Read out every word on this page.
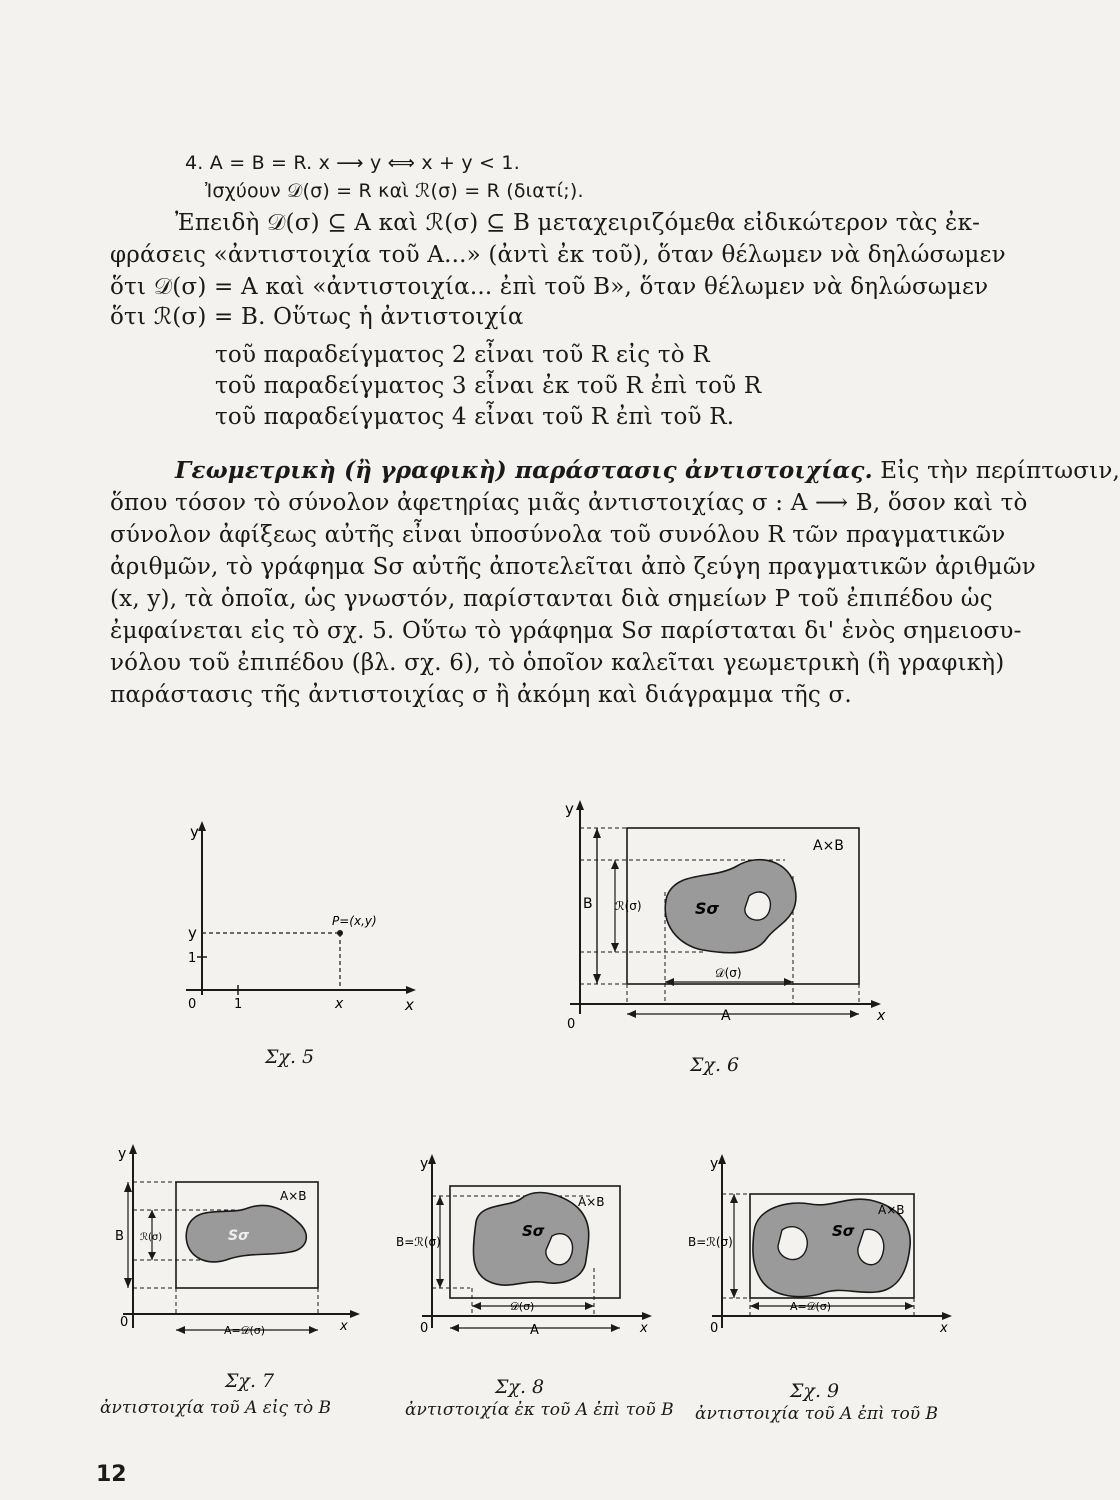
4. A = B = R. x ⟶ y ⟺ x + y < 1.
Ἰσχύουν 𝒟(σ) = R καὶ ℛ(σ) = R (διατί;).
Ἐπειδὴ 𝒟(σ) ⊆ A καὶ ℛ(σ) ⊆ B μεταχειριζόμεθα εἰδικώτερον τὰς ἐκ-
φράσεις «ἀντιστοιχία τοῦ A...» (ἀντὶ ἐκ τοῦ), ὅταν θέλωμεν νὰ δηλώσωμεν
ὅτι 𝒟(σ) = A καὶ «ἀντιστοιχία... ἐπὶ τοῦ B», ὅταν θέλωμεν νὰ δηλώσωμεν
ὅτι ℛ(σ) = B. Οὕτως ἡ ἀντιστοιχία
τοῦ παραδείγματος 2 εἶναι τοῦ R εἰς τὸ R
τοῦ παραδείγματος 3 εἶναι ἐκ τοῦ R ἐπὶ τοῦ R
τοῦ παραδείγματος 4 εἶναι τοῦ R ἐπὶ τοῦ R.
Γεωμετρικὴ (ἢ γραφικὴ) παράστασις ἀντιστοιχίας. Εἰς τὴν περίπτωσιν,
ὅπου τόσον τὸ σύνολον ἀφετηρίας μιᾶς ἀντιστοιχίας σ : A ⟶ B, ὅσον καὶ τὸ
σύνολον ἀφίξεως αὐτῆς εἶναι ὑποσύνολα τοῦ συνόλου R τῶν πραγματικῶν
ἀριθμῶν, τὸ γράφημα Sσ αὐτῆς ἀποτελεῖται ἀπὸ ζεύγη πραγματικῶν ἀριθμῶν
(x, y), τὰ ὁποῖα, ὡς γνωστόν, παρίστανται διὰ σημείων P τοῦ ἐπιπέδου ὡς
ἐμφαίνεται εἰς τὸ σχ. 5. Οὕτω τὸ γράφημα Sσ παρίσταται δι' ἑνὸς σημειοσυ-
νόλου τοῦ ἐπιπέδου (βλ. σχ. 6), τὸ ὁποῖον καλεῖται γεωμετρικὴ (ἢ γραφικὴ)
παράστασις τῆς ἀντιστοιχίας σ ἢ ἀκόμη καὶ διάγραμμα τῆς σ.
y
x
P=(x,y)
y
1
0	1	x
Σχ. 5
y
x
A×B
Sσ
B ℛ(σ)
𝒟(σ)
A
0
Σχ. 6
y
x
A×B
Sσ
B ℛ(σ)
A=𝒟(σ)
0
Σχ. 7
ἀντιστοιχία τοῦ A εἰς τὸ B
y
x
A×B
Sσ
B=ℛ(σ)
𝒟(σ)
A
0
Σχ. 8
ἀντιστοιχία ἐκ τοῦ A ἐπὶ τοῦ B
y
x
A×B
Sσ
B=ℛ(σ)
A=𝒟(σ)
0
Σχ. 9
ἀντιστοιχία τοῦ A ἐπὶ τοῦ B
12
